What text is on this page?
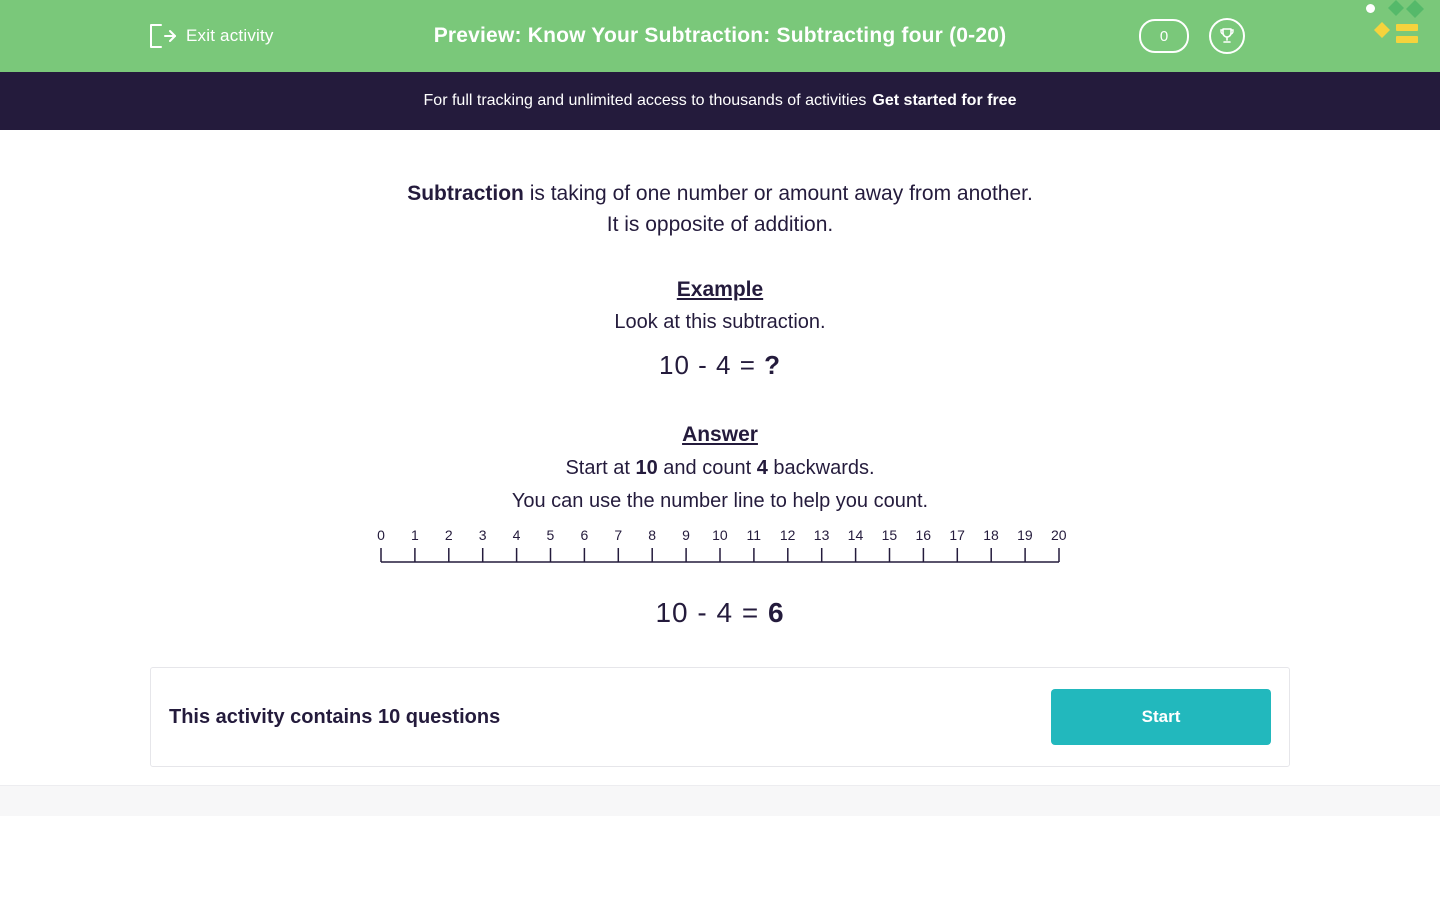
Exit activity	Preview: Know Your Subtraction: Subtracting four (0-20)	0
For full tracking and unlimited access to thousands of activities Get started for free
Subtraction is taking of one number or amount away from another.
It is opposite of addition.
Example
Look at this subtraction.
10 - 4 = ?
Answer
Start at 10 and count 4 backwards.
You can use the number line to help you count.
0	1	2	3	4	5	6	7	8	9	10 11 12 13 14 15 16 17 18 19 20
10 - 4 = 6
This activity contains 10 questions	Start
